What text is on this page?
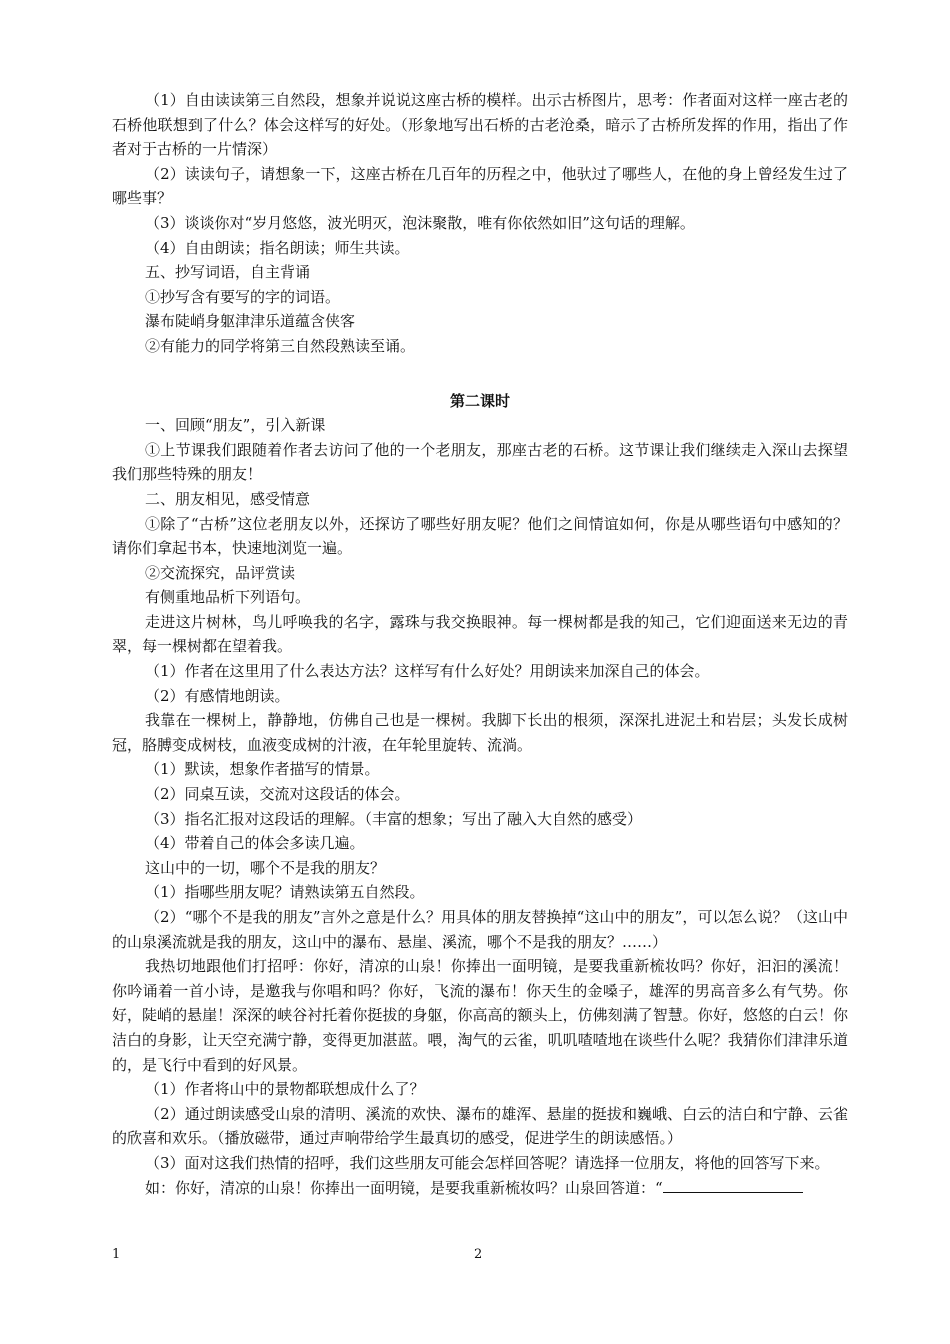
（1）自由读读第三自然段，想象并说说这座古桥的模样。出示古桥图片，思考：作者面对这样一座古老的石桥他联想到了什么？体会这样写的好处。（形象地写出石桥的古老沧桑，暗示了古桥所发挥的作用，指出了作者对于古桥的一片情深）

（2）读读句子，请想象一下，这座古桥在几百年的历程之中，他驮过了哪些人，在他的身上曾经发生过了哪些事？

（3）谈谈你对“岁月悠悠，波光明灭，泡沫聚散，唯有你依然如旧”这句话的理解。

（4）自由朗读；指名朗读；师生共读。

五、抄写词语，自主背诵

①抄写含有要写的字的词语。

瀑布陡峭身躯津津乐道蕴含侠客

②有能力的同学将第三自然段熟读至诵。

第二课时

一、回顾“朋友”，引入新课

①上节课我们跟随着作者去访问了他的一个老朋友，那座古老的石桥。这节课让我们继续走入深山去探望我们那些特殊的朋友！

二、朋友相见，感受情意

①除了“古桥”这位老朋友以外，还探访了哪些好朋友呢？他们之间情谊如何，你是从哪些语句中感知的？请你们拿起书本，快速地浏览一遍。

②交流探究，品评赏读

有侧重地品析下列语句。

走进这片树林，鸟儿呼唤我的名字，露珠与我交换眼神。每一棵树都是我的知己，它们迎面送来无边的青翠，每一棵树都在望着我。

（1）作者在这里用了什么表达方法？这样写有什么好处？用朗读来加深自己的体会。

（2）有感情地朗读。

我靠在一棵树上，静静地，仿佛自己也是一棵树。我脚下长出的根须，深深扎进泥土和岩层；头发长成树冠，胳膊变成树枝，血液变成树的汁液，在年轮里旋转、流淌。

（1）默读，想象作者描写的情景。

（2）同桌互读，交流对这段话的体会。

（3）指名汇报对这段话的理解。（丰富的想象；写出了融入大自然的感受）

（4）带着自己的体会多读几遍。

这山中的一切，哪个不是我的朋友？

（1）指哪些朋友呢？请熟读第五自然段。

（2）“哪个不是我的朋友”言外之意是什么？用具体的朋友替换掉“这山中的朋友”，可以怎么说？（这山中的山泉溪流就是我的朋友，这山中的瀑布、悬崖、溪流，哪个不是我的朋友？……）

我热切地跟他们打招呼：你好，清凉的山泉！你捧出一面明镜，是要我重新梳妆吗？你好，汩汩的溪流！你吟诵着一首小诗，是邀我与你唱和吗？你好，飞流的瀑布！你天生的金嗓子，雄浑的男高音多么有气势。你好，陡峭的悬崖！深深的峡谷衬托着你挺拔的身躯，你高高的额头上，仿佛刻满了智慧。你好，悠悠的白云！你洁白的身影，让天空充满宁静，变得更加湛蓝。喂，淘气的云雀，叽叽喳喳地在谈些什么呢？我猜你们津津乐道的，是飞行中看到的好风景。

（1）作者将山中的景物都联想成什么了？

（2）通过朗读感受山泉的清明、溪流的欢快、瀑布的雄浑、悬崖的挺拔和巍峨、白云的洁白和宁静、云雀的欣喜和欢乐。（播放磁带，通过声响带给学生最真切的感受，促进学生的朗读感悟。）

（3）面对这我们热情的招呼，我们这些朋友可能会怎样回答呢？请选择一位朋友，将他的回答写下来。

如：你好，清凉的山泉！你捧出一面明镜，是要我重新梳妆吗？山泉回答道：“

1	2
